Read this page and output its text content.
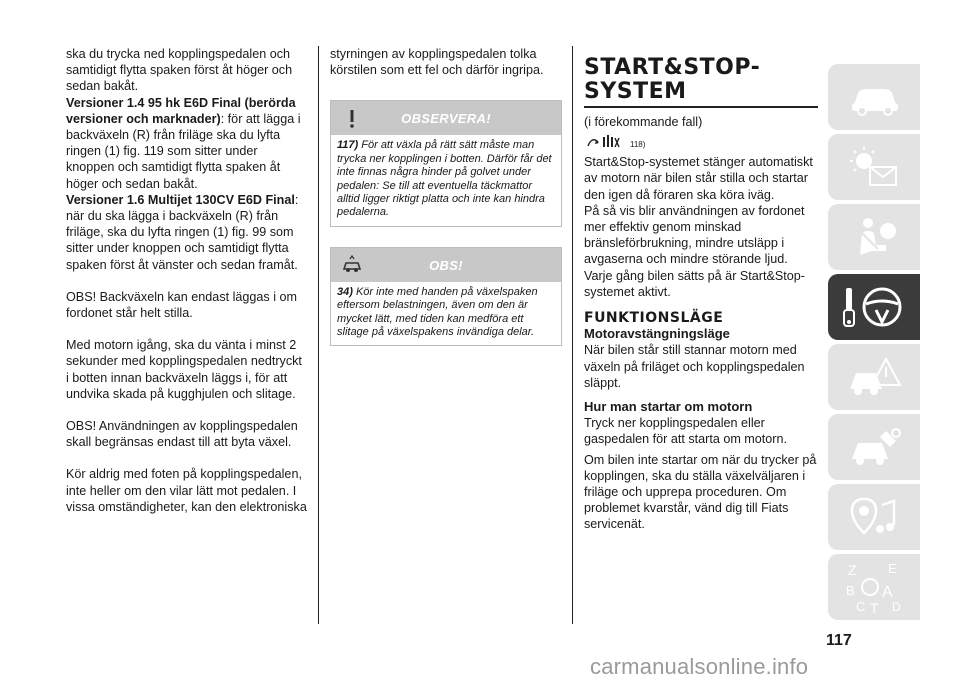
ska du trycka ned kopplingspedalen och samtidigt flytta spaken först åt höger och sedan bakåt.

Versioner 1.4 95 hk E6D Final (berörda versioner och marknader): för att lägga i backväxeln (R) från friläge ska du lyfta ringen (1) fig. 119 som sitter under knoppen och samtidigt flytta spaken åt höger och sedan bakåt.

Versioner 1.6 Multijet 130CV E6D Final: när du ska lägga i backväxeln (R) från friläge, ska du lyfta ringen (1) fig. 99 som sitter under knoppen och samtidigt flytta spaken först åt vänster och sedan framåt.

OBS! Backväxeln kan endast läggas i om fordonet står helt stilla.

Med motorn igång, ska du vänta i minst 2 sekunder med kopplingspedalen nedtryckt i botten innan backväxeln läggs i, för att undvika skada på kugghjulen och slitage.

OBS! Användningen av kopplingspedalen skall begränsas endast till att byta växel.

Kör aldrig med foten på kopplingspedalen, inte heller om den vilar lätt mot pedalen. I vissa omständigheter, kan den elektroniska

styrningen av kopplingspedalen tolka körstilen som ett fel och därför ingripa.

OBSERVERA!
117) För att växla på rätt sätt måste man trycka ner kopplingen i botten. Därför får det inte finnas några hinder på golvet under pedalen: Se till att eventuella täckmattor alltid ligger riktigt platta och inte kan hindra pedalerna.
OBS!
34) Kör inte med handen på växelspaken eftersom belastningen, även om den är mycket lätt, med tiden kan medföra ett slitage på växelspakens invändiga delar.
START&STOP-
SYSTEM

(i förekommande fall)

118)

Start&Stop-systemet stänger automatiskt av motorn när bilen står stilla och startar den igen då föraren ska köra iväg.

På så vis blir användningen av fordonet mer effektiv genom minskad bränsleförbrukning, mindre utsläpp i avgaserna och mindre störande ljud.

Varje gång bilen sätts på är Start&Stop-systemet aktivt.

FUNKTIONSLÄGE
Motoravstängningsläge

När bilen står still stannar motorn med växeln på friläget och kopplingspedalen släppt.

Hur man startar om motorn

Tryck ner kopplingspedalen eller gaspedalen för att starta om motorn.

Om bilen inte startar om när du trycker på kopplingen, ska du ställa växelväljaren i friläge och upprepa proceduren. Om problemet kvarstår, vänd dig till Fiats servicenät.

117
Z E
B A
C T D
carmanualsonline.info
